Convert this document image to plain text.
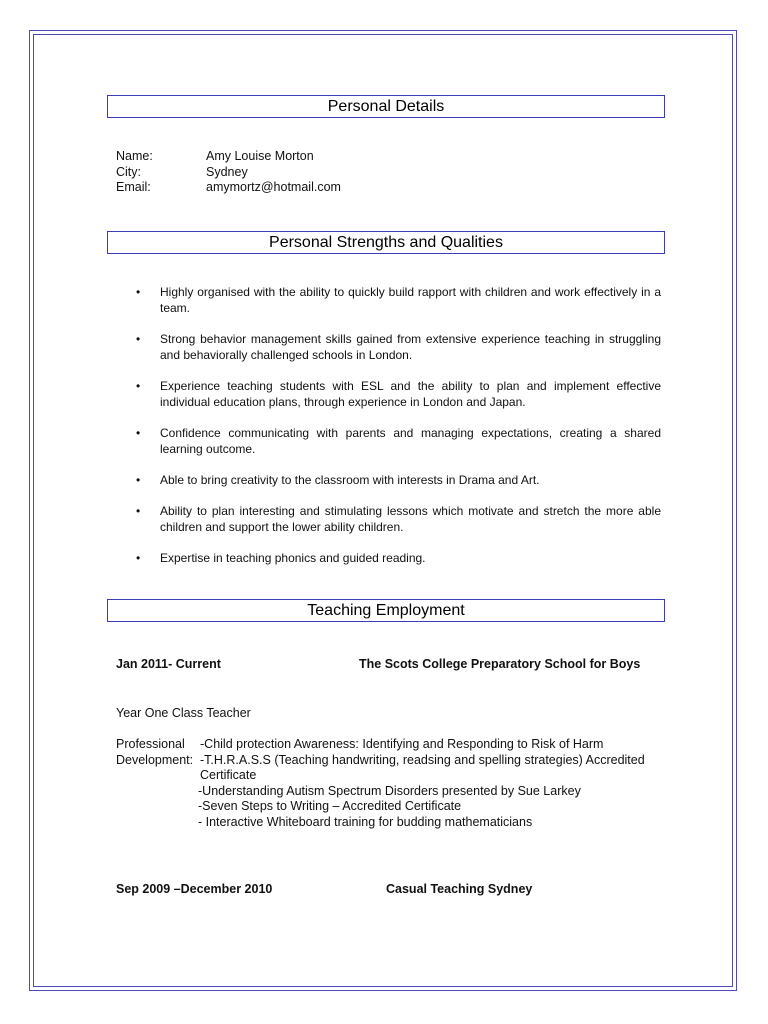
Personal Details
Name:	Amy Louise Morton
City:	Sydney
Email:	amymortz@hotmail.com
Personal Strengths and Qualities
• Highly organised with the ability to quickly build rapport with children and work effectively in a team.
• Strong behavior management skills gained from extensive experience teaching in struggling and behaviorally challenged schools in London.
• Experience teaching students with ESL and the ability to plan and implement effective individual education plans, through experience in London and Japan.
• Confidence communicating with parents and managing expectations, creating a shared learning outcome.
• Able to bring creativity to the classroom with interests in Drama and Art.
• Ability to plan interesting and stimulating lessons which motivate and stretch the more able children and support the lower ability children.
• Expertise in teaching phonics and guided reading.
Teaching Employment
Jan 2011- Current	The Scots College Preparatory School for Boys
Year One Class Teacher
Professional
Development:
-Child protection Awareness: Identifying and Responding to Risk of Harm
-T.H.R.A.S.S (Teaching handwriting, readsing and spelling strategies) Accredited Certificate
-Understanding Autism Spectrum Disorders presented by Sue Larkey
-Seven Steps to Writing – Accredited Certificate
- Interactive Whiteboard training for budding mathematicians
Sep 2009 –December 2010	Casual Teaching Sydney
